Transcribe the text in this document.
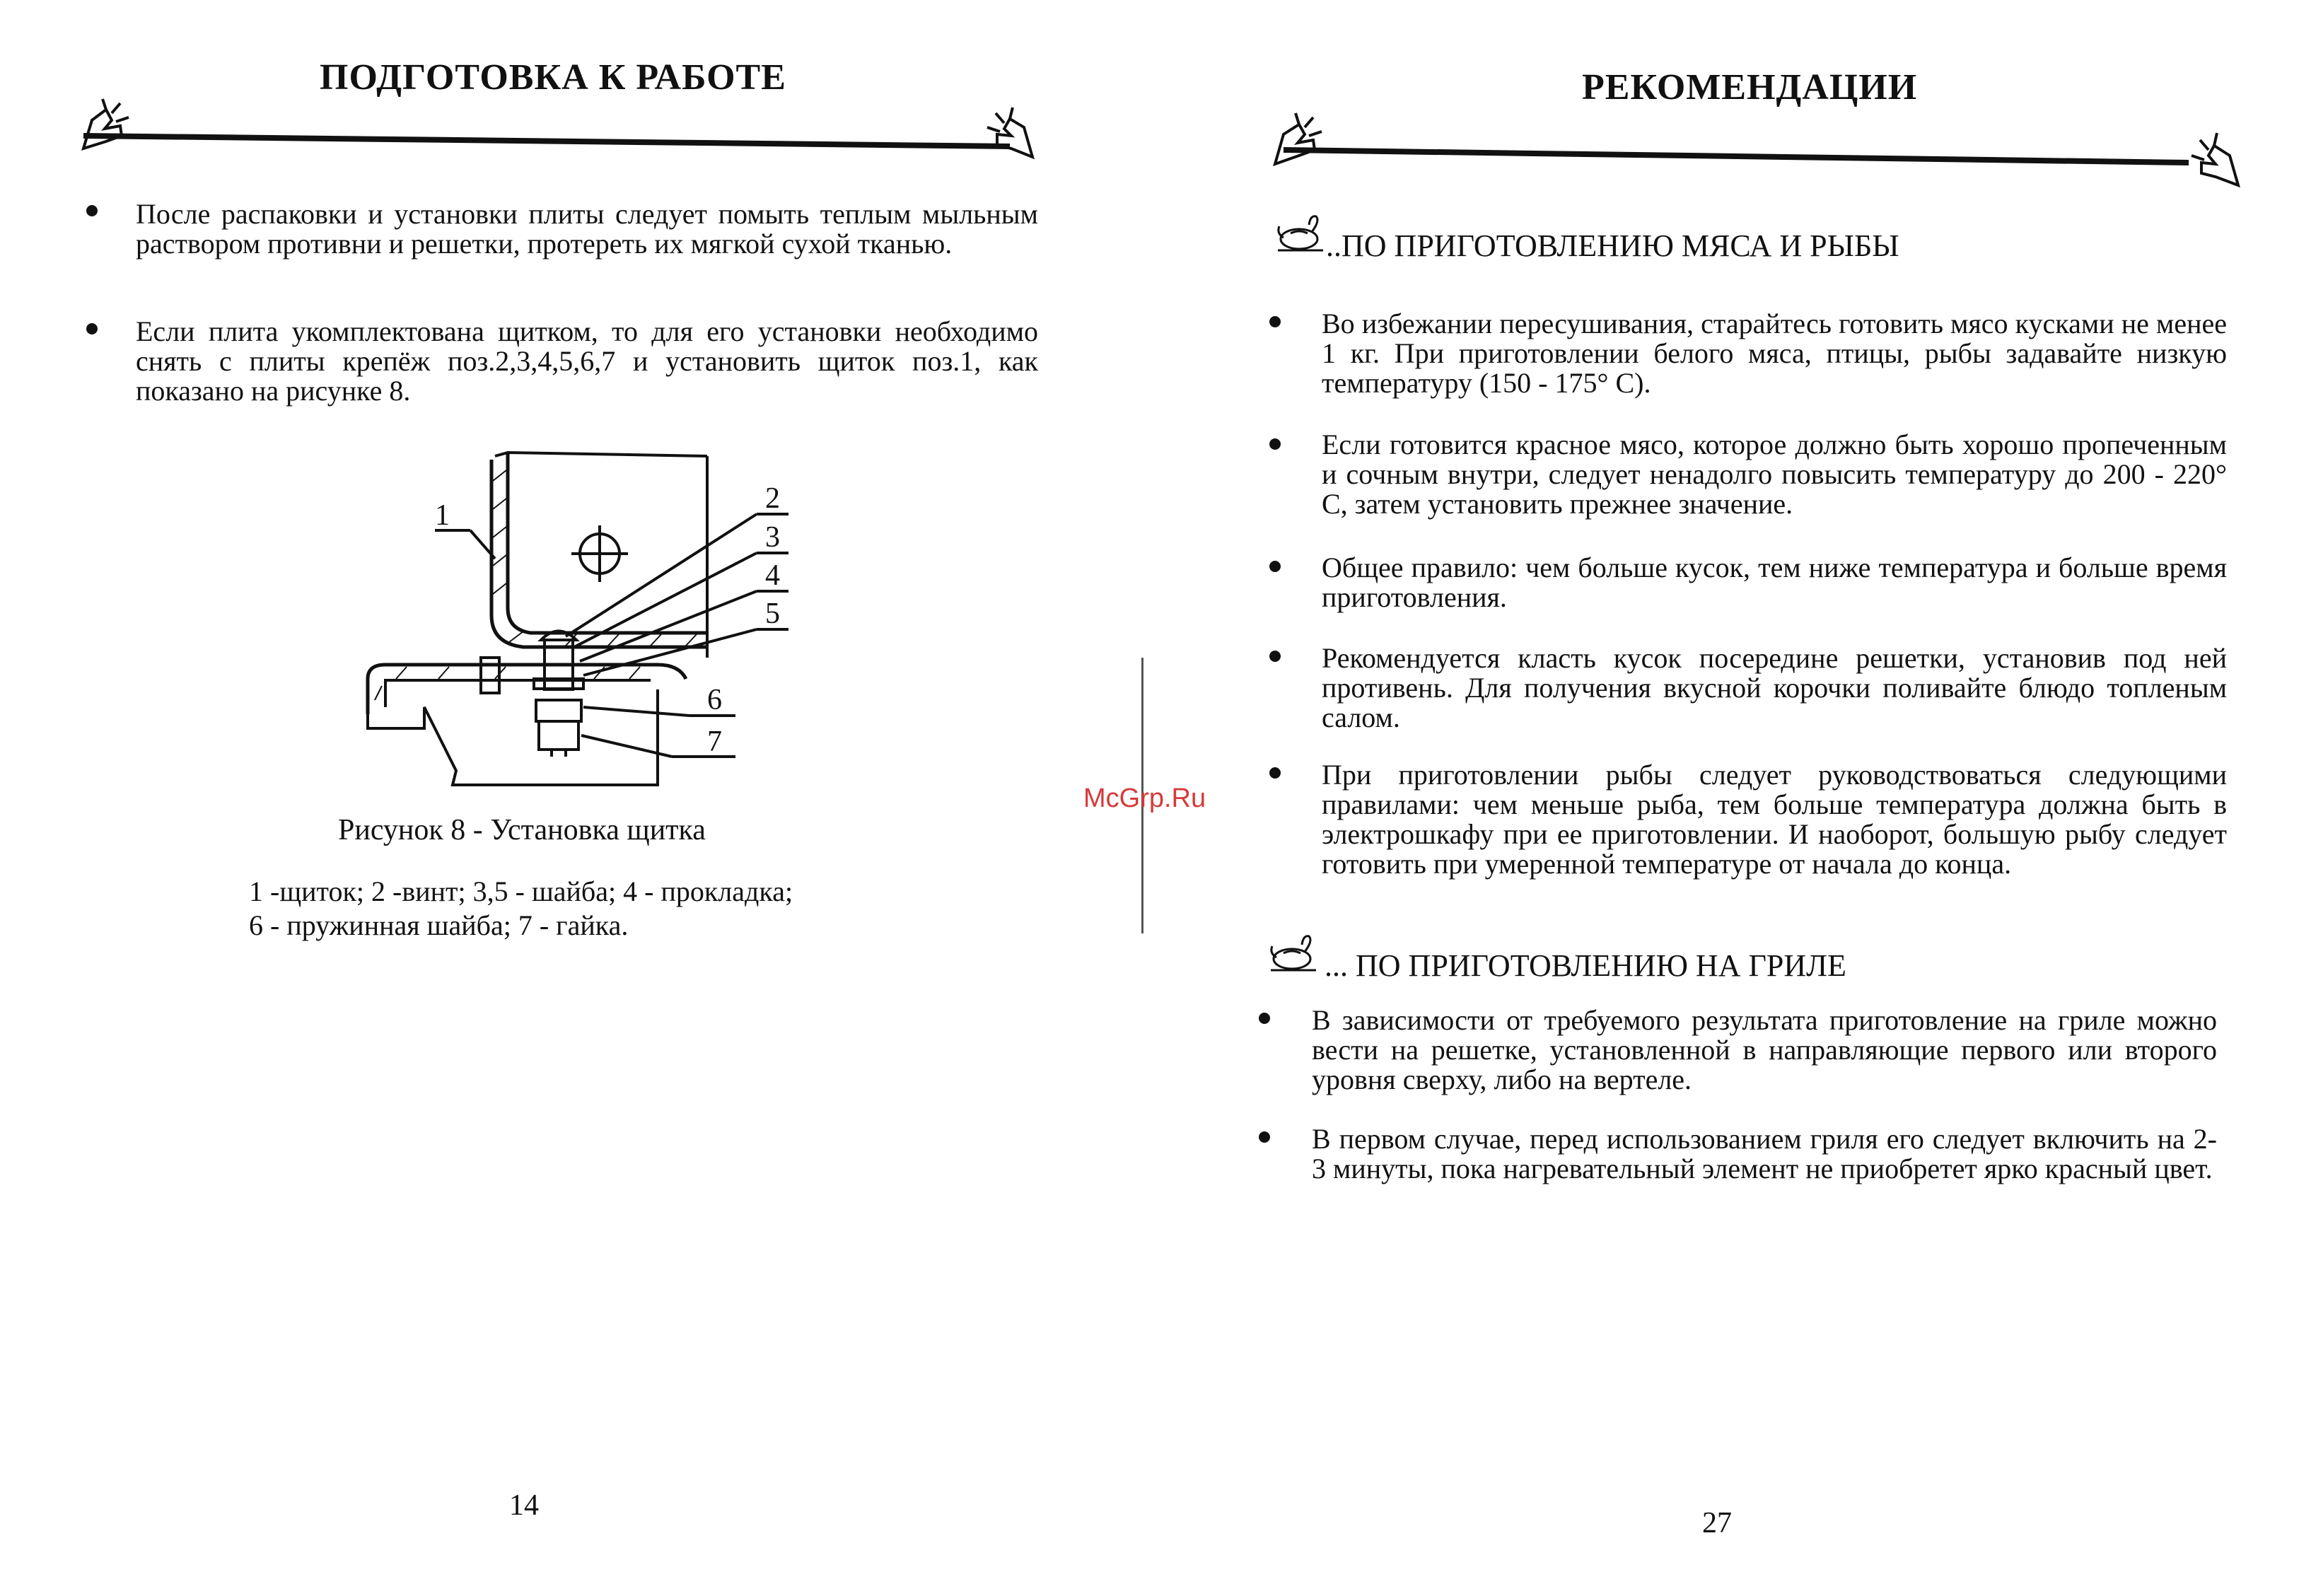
ПОДГОТОВКА К РАБОТЕ

После распаковки и установки плиты следует помыть теплым мыльным раствором противни и решетки, протереть их мягкой сухой тканью.

Если плита укомплектована щитком, то для его установки необходимо снять с плиты крепёж поз.2,3,4,5,6,7 и установить щиток поз.1, как показано на рисунке 8.

1
2
3
4
5
6
7

Рисунок 8 - Установка щитка

1 -щиток; 2 -винт; 3,5 - шайба; 4 - прокладка;

6 - пружинная шайба; 7 - гайка.

14

McGrp.Ru
РЕКОМЕНДАЦИИ

..ПО ПРИГОТОВЛЕНИЮ МЯСА И РЫБЫ

Во избежании пересушивания, старайтесь готовить мясо кусками не менее 1 кг. При приготовлении белого мяса, птицы, рыбы задавайте низкую температуру (150 - 175° C).

Если готовится красное мясо, которое должно быть хорошо пропеченным и сочным внутри, следует ненадолго повысить температуру до 200 - 220° C, затем установить прежнее значение.

Общее правило: чем больше кусок, тем ниже температура и больше время приготовления.

Рекомендуется класть кусок посередине решетки, установив под ней противень. Для получения вкусной корочки поливайте блюдо топленым салом.

При приготовлении рыбы следует руководствоваться следующими правилами: чем меньше рыба, тем больше температура должна быть в электрошкафу при ее приготовлении. И наоборот, большую рыбу следует готовить при умеренной температуре от начала до конца.

... ПО ПРИГОТОВЛЕНИЮ НА ГРИЛЕ

В зависимости от требуемого результата приготовление на гриле можно вести на решетке, установленной в направляющие первого или второго уровня сверху, либо на вертеле.

В первом случае, перед использованием гриля его следует включить на 2-3 минуты, пока нагревательный элемент не приобретет ярко красный цвет.

27
